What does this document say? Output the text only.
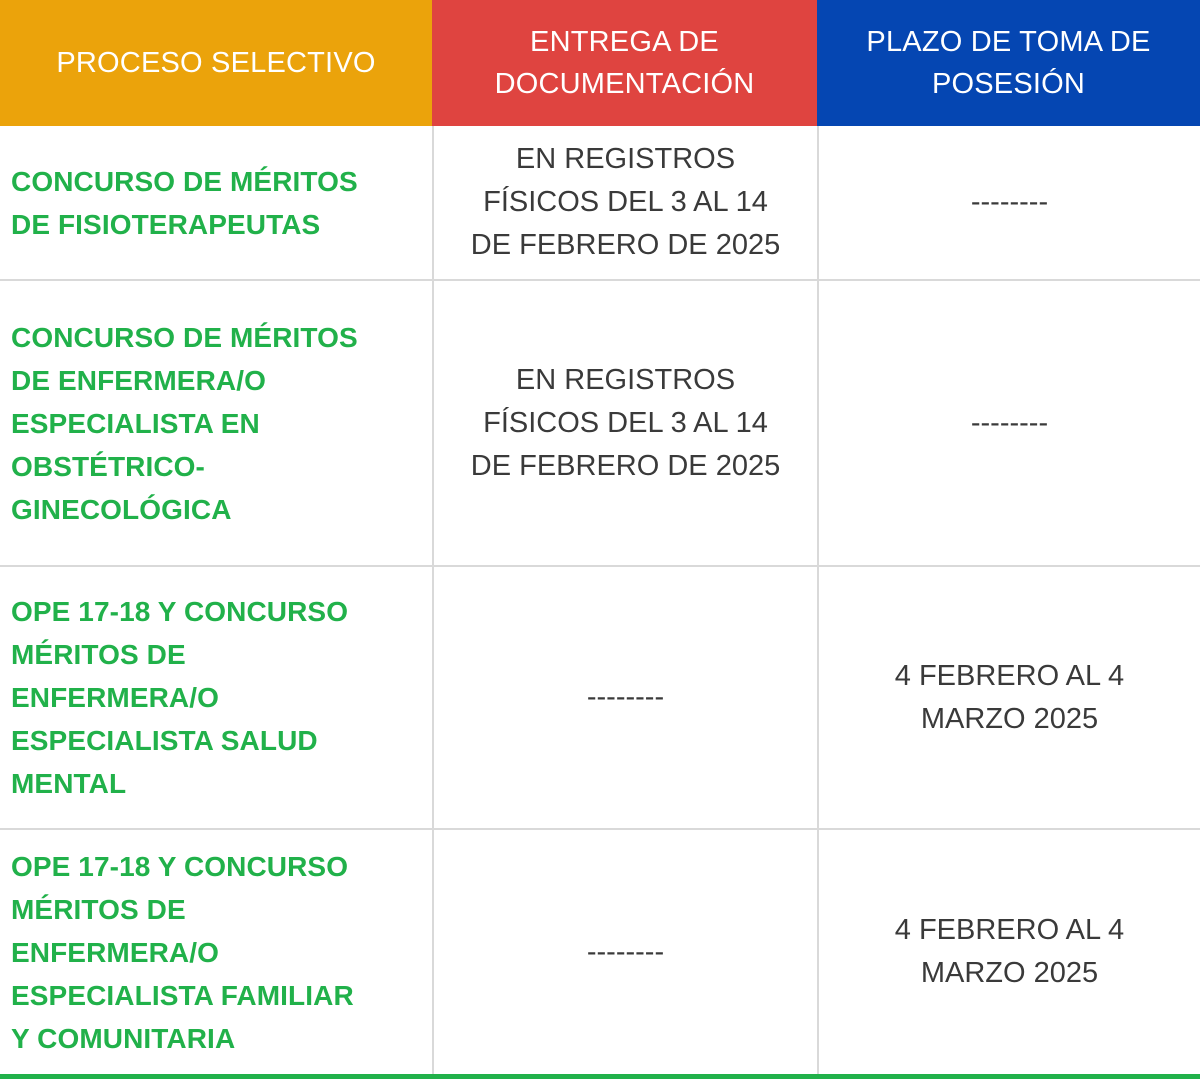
PROCESO SELECTIVO
ENTREGA DE
DOCUMENTACIÓN
PLAZO DE TOMA DE
POSESIÓN
CONCURSO DE MÉRITOS
DE FISIOTERAPEUTAS
EN REGISTROS
FÍSICOS DEL 3 AL 14
DE FEBRERO DE 2025
--------
CONCURSO DE MÉRITOS
DE ENFERMERA/O
ESPECIALISTA EN
OBSTÉTRICO-
GINECOLÓGICA
EN REGISTROS
FÍSICOS DEL 3 AL 14
DE FEBRERO DE 2025
--------
OPE 17-18 Y CONCURSO
MÉRITOS DE
ENFERMERA/O
ESPECIALISTA SALUD
MENTAL
--------
4 FEBRERO AL 4
MARZO 2025
OPE 17-18 Y CONCURSO
MÉRITOS DE
ENFERMERA/O
ESPECIALISTA FAMILIAR
Y COMUNITARIA
--------
4 FEBRERO AL 4
MARZO 2025
